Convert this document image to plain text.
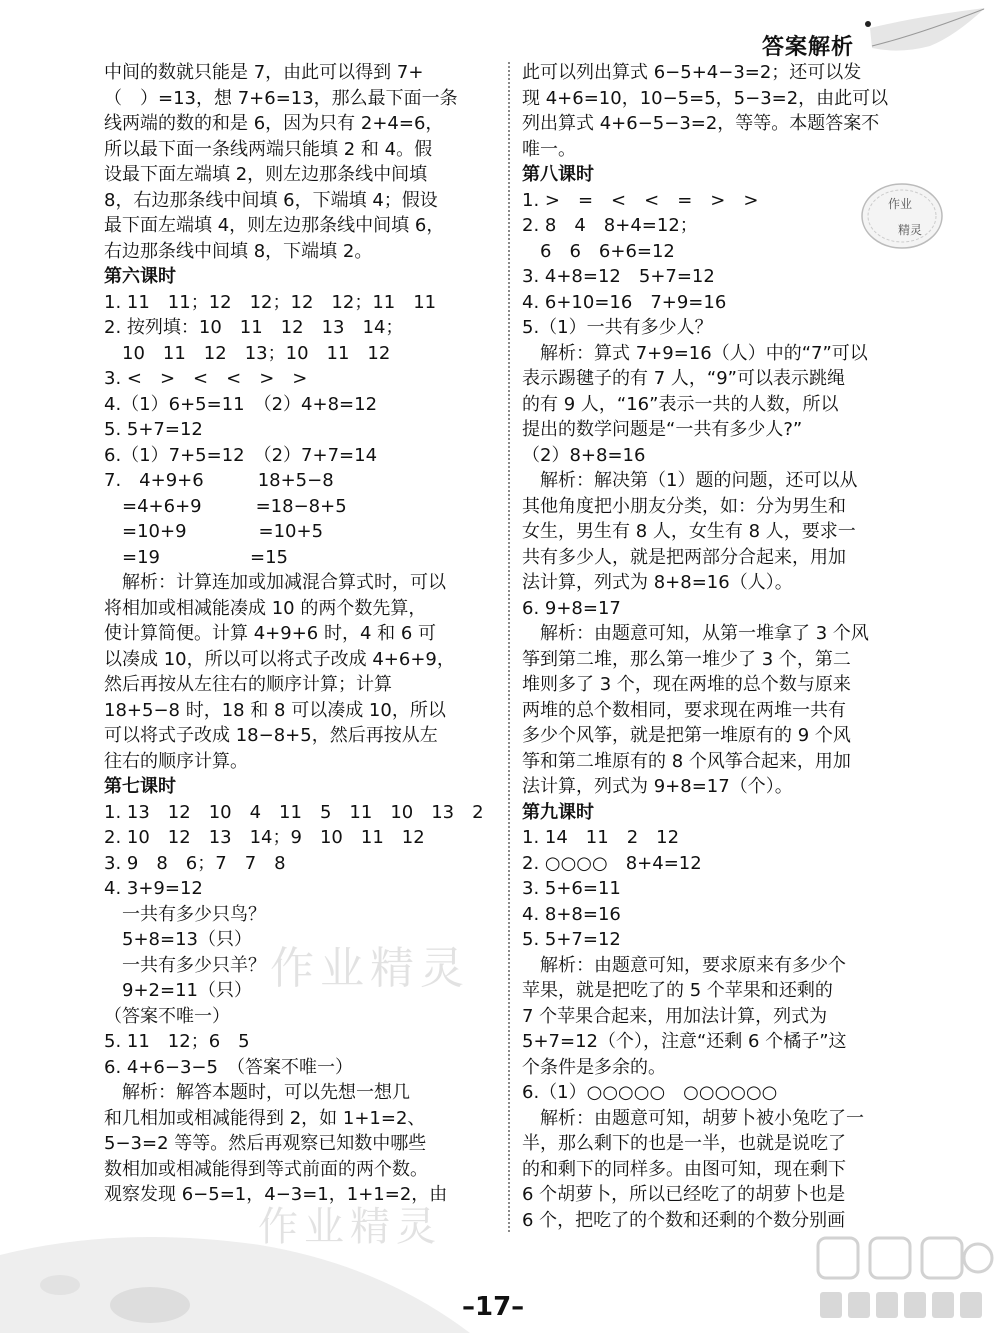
答案解析
中间的数就只能是 7，由此可以得到 7+
（　）=13，想 7+6=13，那么最下面一条
线两端的数的和是 6，因为只有 2+4=6，
所以最下面一条线两端只能填 2 和 4。假
设最下面左端填 2，则左边那条线中间填
8，右边那条线中间填 6，下端填 4；假设
最下面左端填 4，则左边那条线中间填 6，
右边那条线中间填 8，下端填 2。
第六课时
1. 11　11；12　12；12　12；11　11
2. 按列填：10　11　12　13　14；
　10　11　12　13；10　11　12
3. <　>　<　<　>　>
4.（1）6+5=11　（2）4+8=12
5. 5+7=12
6.（1）7+5=12　（2）7+7=14
7.　4+9+6　　　18+5−8
　=4+6+9　　　=18−8+5
　=10+9　　　　=10+5
　=19　　　　　=15
　解析：计算连加或加减混合算式时，可以
将相加或相减能凑成 10 的两个数先算，
使计算简便。计算 4+9+6 时，4 和 6 可
以凑成 10，所以可以将式子改成 4+6+9，
然后再按从左往右的顺序计算；计算
18+5−8 时，18 和 8 可以凑成 10，所以
可以将式子改成 18−8+5，然后再按从左
往右的顺序计算。
第七课时
1. 13　12　10　4　11　5　11　10　13　2
2. 10　12　13　14；9　10　11　12
3. 9　8　6；7　7　8
4. 3+9=12
　一共有多少只鸟？
　5+8=13（只）
　一共有多少只羊？
　9+2=11（只）
（答案不唯一）
5. 11　12；6　5
6. 4+6−3−5　（答案不唯一）
　解析：解答本题时，可以先想一想几
和几相加或相减能得到 2，如 1+1=2、
5−3=2 等等。然后再观察已知数中哪些
数相加或相减能得到等式前面的两个数。
观察发现 6−5=1，4−3=1，1+1=2，由
此可以列出算式 6−5+4−3=2；还可以发
现 4+6=10，10−5=5，5−3=2，由此可以
列出算式 4+6−5−3=2，等等。本题答案不
唯一。
第八课时
1. >　=　<　<　=　>　>
2. 8　4　8+4=12；
　6　6　6+6=12
3. 4+8=12　5+7=12
4. 6+10=16　7+9=16
5.（1）一共有多少人？
　解析：算式 7+9=16（人）中的“7”可以
表示踢毽子的有 7 人，“9”可以表示跳绳
的有 9 人，“16”表示一共的人数，所以
提出的数学问题是“一共有多少人?”
（2）8+8=16
　解析：解决第（1）题的问题，还可以从
其他角度把小朋友分类，如：分为男生和
女生，男生有 8 人，女生有 8 人，要求一
共有多少人，就是把两部分合起来，用加
法计算，列式为 8+8=16（人）。
6. 9+8=17
　解析：由题意可知，从第一堆拿了 3 个风
筝到第二堆，那么第一堆少了 3 个，第二
堆则多了 3 个，现在两堆的总个数与原来
两堆的总个数相同，要求现在两堆一共有
多少个风筝，就是把第一堆原有的 9 个风
筝和第二堆原有的 8 个风筝合起来，用加
法计算，列式为 9+8=17（个）。
第九课时
1. 14　11　2　12
2. ○○○○　8+4=12
3. 5+6=11
4. 8+8=16
5. 5+7=12
　解析：由题意可知，要求原来有多少个
苹果，就是把吃了的 5 个苹果和还剩的
7 个苹果合起来，用加法计算，列式为
5+7=12（个），注意“还剩 6 个橘子”这
个条件是多余的。
6.（1）○○○○○　○○○○○○
　解析：由题意可知，胡萝卜被小兔吃了一
半，那么剩下的也是一半，也就是说吃了
的和剩下的同样多。由图可知，现在剩下
6 个胡萝卜，所以已经吃了的胡萝卜也是
6 个，把吃了的个数和还剩的个数分别画
作业
精灵
作业精灵
作业精灵
–17–
